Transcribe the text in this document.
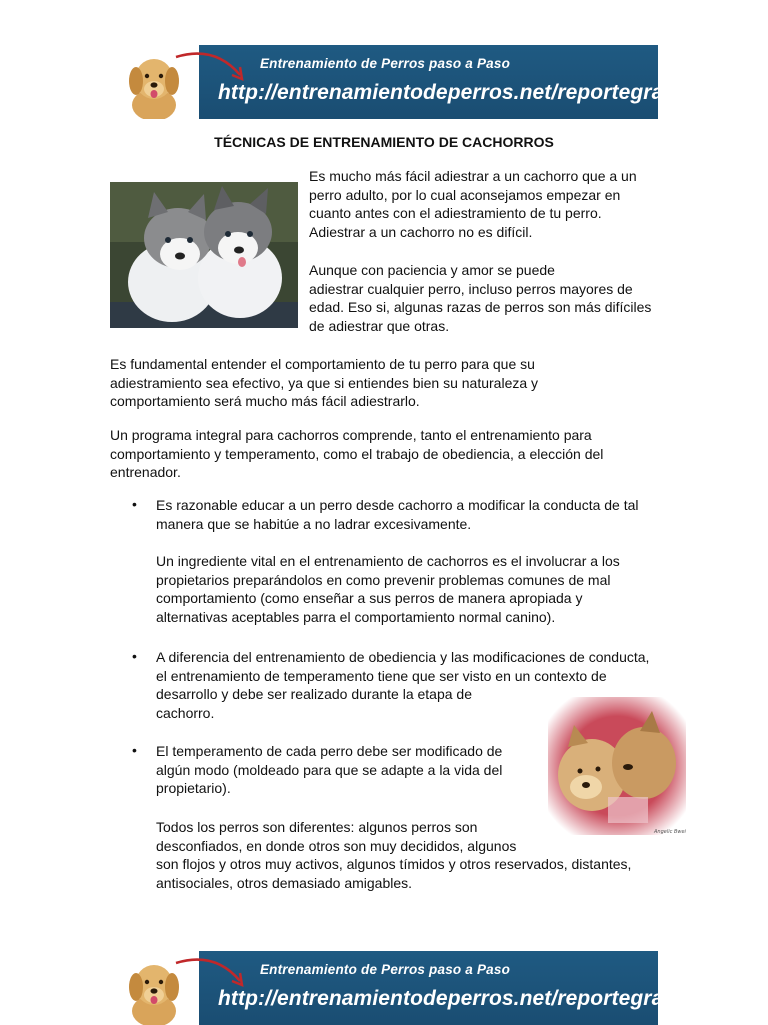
Entrenamiento de Perros paso a Paso
http://entrenamientodeperros.net/reportegratis
TÉCNICAS DE ENTRENAMIENTO DE CACHORROS

Es mucho más fácil adiestrar a un cachorro que a un
perro adulto, por lo cual aconsejamos empezar en
cuanto antes con el adiestramiento de tu perro.
Adiestrar a un cachorro no es difícil.

Aunque con paciencia y amor se puede
adiestrar cualquier perro, incluso perros mayores de
edad. Eso si, algunas razas de perros son más difíciles
de adiestrar que otras.

Es fundamental entender el comportamiento de tu perro para que su
adiestramiento sea efectivo, ya que si entiendes bien su naturaleza y
comportamiento será mucho más fácil adiestrarlo.

Un programa integral para cachorros comprende, tanto el entrenamiento para
comportamiento y temperamento, como el trabajo de obediencia, a elección del
entrenador.

• Es razonable educar a un perro desde cachorro a modificar la conducta de tal
manera que se habitúe a no ladrar excesivamente.

Un ingrediente vital en el entrenamiento de cachorros es el involucrar a los
propietarios preparándolos en como prevenir problemas comunes de mal
comportamiento (como enseñar a sus perros de manera apropiada y
alternativas aceptables parra el comportamiento normal canino).

• A diferencia del entrenamiento de obediencia y las modificaciones de conducta,
el entrenamiento de temperamento tiene que ser visto en un contexto de
desarrollo y debe ser realizado durante la etapa de
cachorro.

Angelic Bwei
• El temperamento de cada perro debe ser modificado de
algún modo (moldeado para que se adapte a la vida del
propietario).

Todos los perros son diferentes: algunos perros son
desconfiados, en donde otros son muy decididos, algunos
son flojos y otros muy activos, algunos tímidos y otros reservados, distantes,
antisociales, otros demasiado amigables.

Entrenamiento de Perros paso a Paso
http://entrenamientodeperros.net/reportegratis
